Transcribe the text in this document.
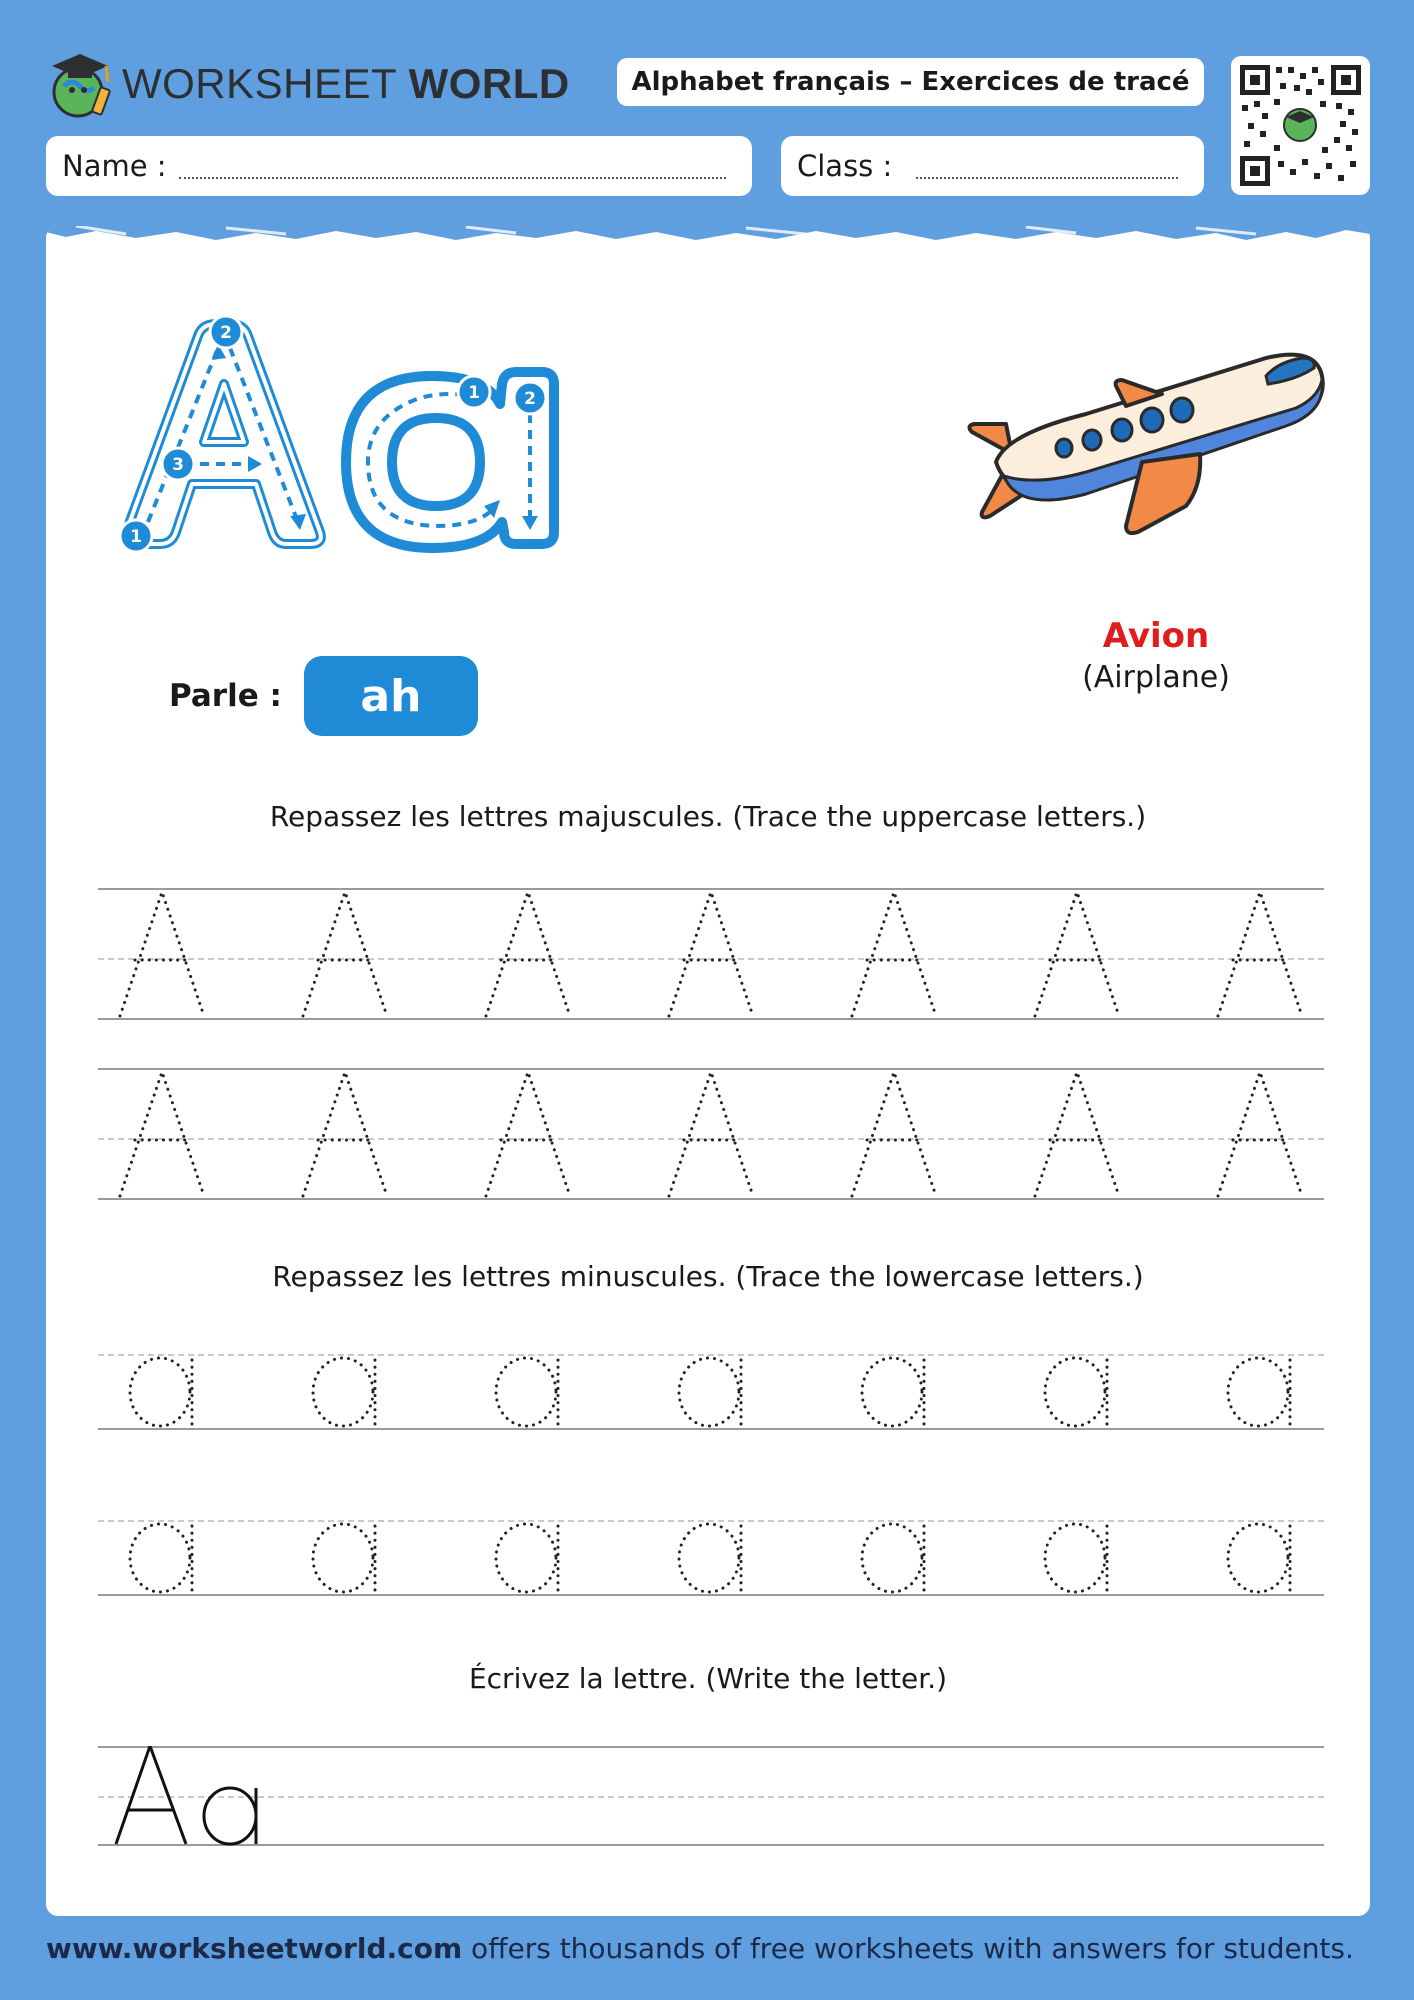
WORKSHEET WORLD	Alphabet français – Exercices de tracé
Name :	Class :
1
2
3
1	2
Parle :	ah
Avion
(Airplane)
Repassez les lettres majuscules. (Trace the uppercase letters.)
Repassez les lettres minuscules. (Trace the lowercase letters.)
Écrivez la lettre. (Write the letter.)
www.worksheetworld.com offers thousands of free worksheets with answers for students.
